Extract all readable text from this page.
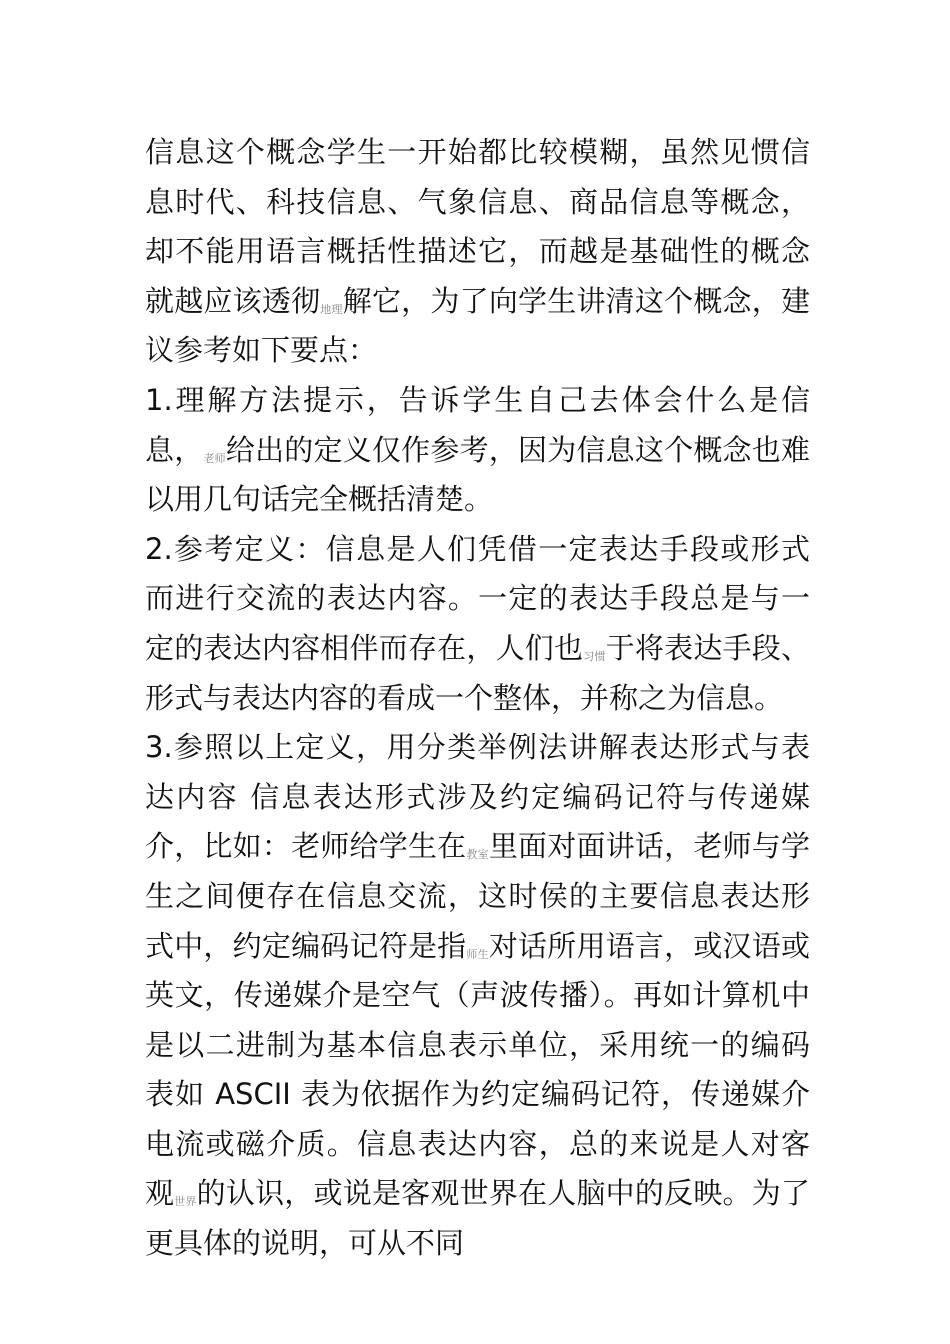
信息这个概念学生一开始都比较模糊，虽然见惯信息时代、科技信息、气象信息、商品信息等概念，却不能用语言概括性描述它，而越是基础性的概念就越应该透彻地理解它，为了向学生讲清这个概念，建议参考如下要点：

1.理解方法提示，告诉学生自己去体会什么是信息，老师给出的定义仅作参考，因为信息这个概念也难以用几句话完全概括清楚。

2.参考定义：信息是人们凭借一定表达手段或形式而进行交流的表达内容。一定的表达手段总是与一定的表达内容相伴而存在，人们也习惯于将表达手段、形式与表达内容的看成一个整体，并称之为信息。

3.参照以上定义，用分类举例法讲解表达形式与表达内容 信息表达形式涉及约定编码记符与传递媒介，比如：老师给学生在教室里面对面讲话，老师与学生之间便存在信息交流，这时侯的主要信息表达形式中，约定编码记符是指师生对话所用语言，或汉语或英文，传递媒介是空气（声波传播）。再如计算机中是以二进制为基本信息表示单位，采用统一的编码表如 ASCII 表为依据作为约定编码记符，传递媒介电流或磁介质。信息表达内容，总的来说是人对客观世界的认识，或说是客观世界在人脑中的反映。为了更具体的说明，可从不同
